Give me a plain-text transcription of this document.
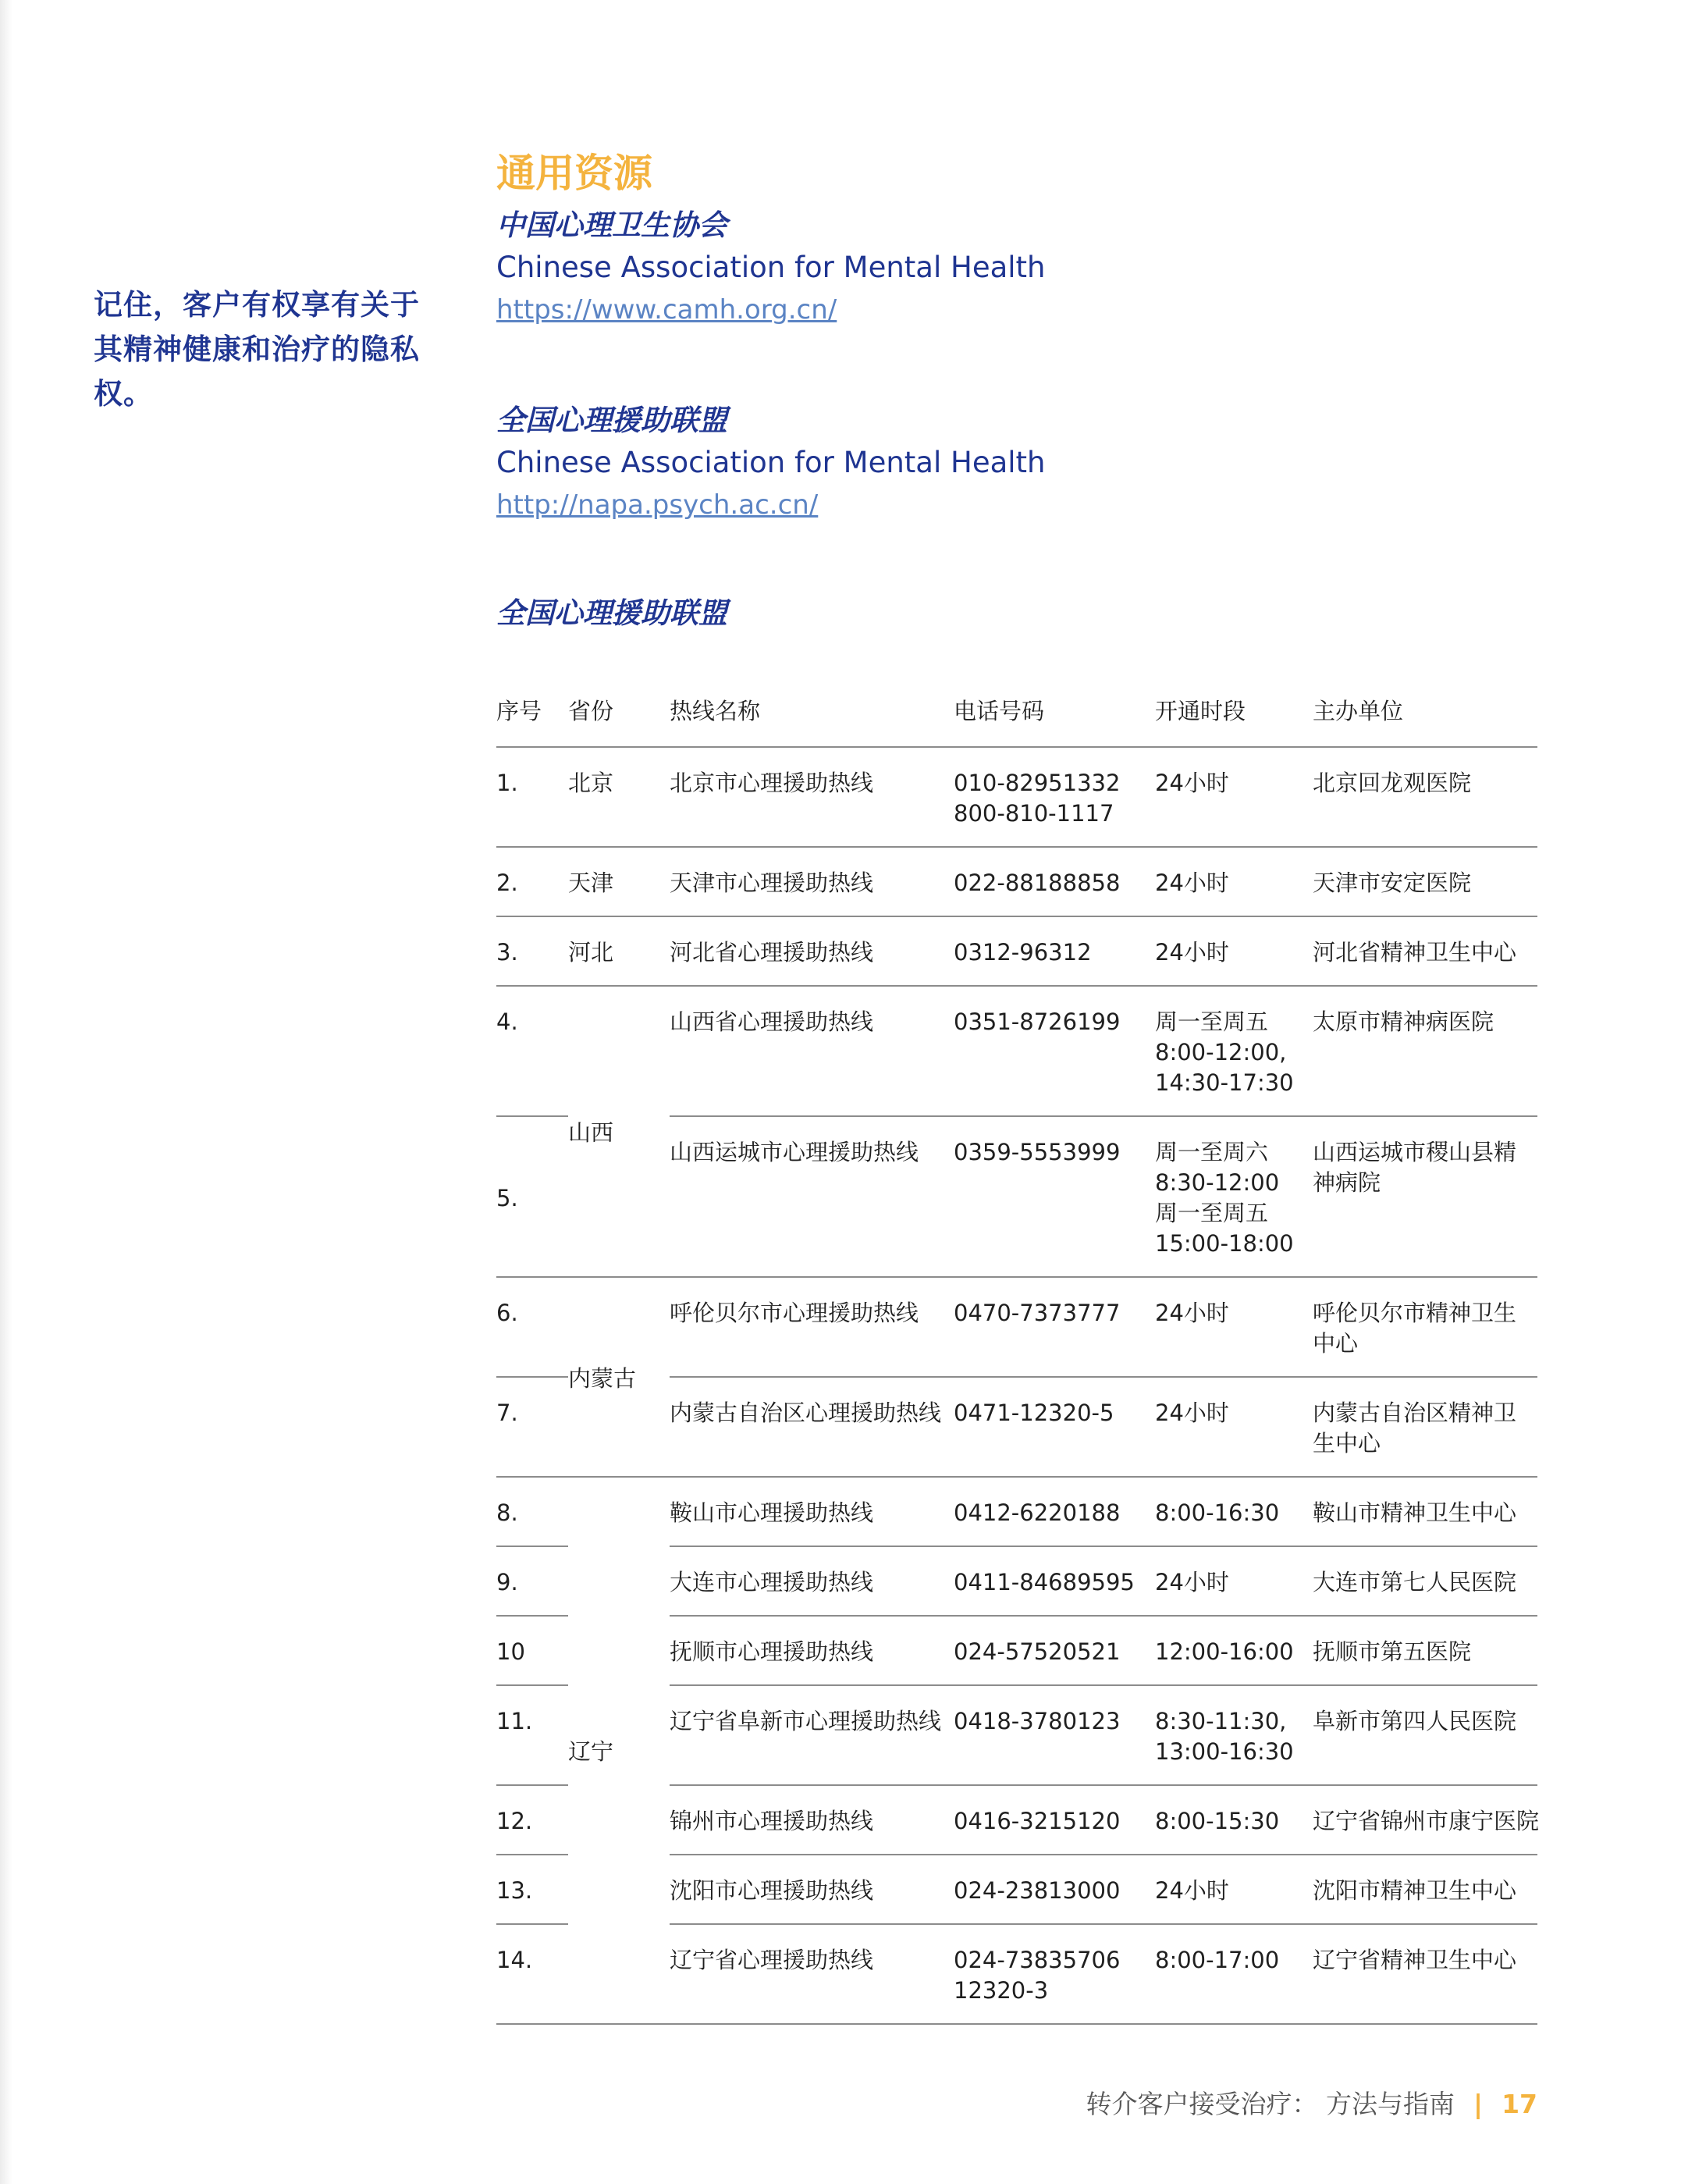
记住，客户有权享有关于其精神健康和治疗的隐私权。
通用资源
中国心理卫生协会
Chinese Association for Mental Health
https://www.camh.org.cn/
全国心理援助联盟
Chinese Association for Mental Health
http://napa.psych.ac.cn/
全国心理援助联盟
序号	省份	热线名称	电话号码	开通时段	主办单位
1.	北京	北京市心理援助热线	010-82951332
800-810-1117	24小时	北京回龙观医院
2.	天津	天津市心理援助热线	022-88188858	24小时	天津市安定医院
3.	河北	河北省心理援助热线	0312-96312	24小时	河北省精神卫生中心
4.	山西	山西省心理援助热线	0351-8726199	周一至周五
8:00-12:00,
14:30-17:30	太原市精神病医院
5.		山西运城市心理援助热线	0359-5553999	周一至周六
8:30-12:00
周一至周五
15:00-18:00	山西运城市稷山县精神病院
6.	内蒙古	呼伦贝尔市心理援助热线	0470-7373777	24小时	呼伦贝尔市精神卫生中心
7.		内蒙古自治区心理援助热线	0471-12320-5	24小时	内蒙古自治区精神卫生中心
8.	辽宁	鞍山市心理援助热线	0412-6220188	8:00-16:30	鞍山市精神卫生中心
9.		大连市心理援助热线	0411-84689595	24小时	大连市第七人民医院
10		抚顺市心理援助热线	024-57520521	12:00-16:00	抚顺市第五医院
11.		辽宁省阜新市心理援助热线	0418-3780123	8:30-11:30,
13:00-16:30	阜新市第四人民医院
12.		锦州市心理援助热线	0416-3215120	8:00-15:30	辽宁省锦州市康宁医院
13.		沈阳市心理援助热线	024-23813000	24小时	沈阳市精神卫生中心
14.		辽宁省心理援助热线	024-73835706
12320-3	8:00-17:00	辽宁省精神卫生中心
转介客户接受治疗： 方法与指南 | 17
